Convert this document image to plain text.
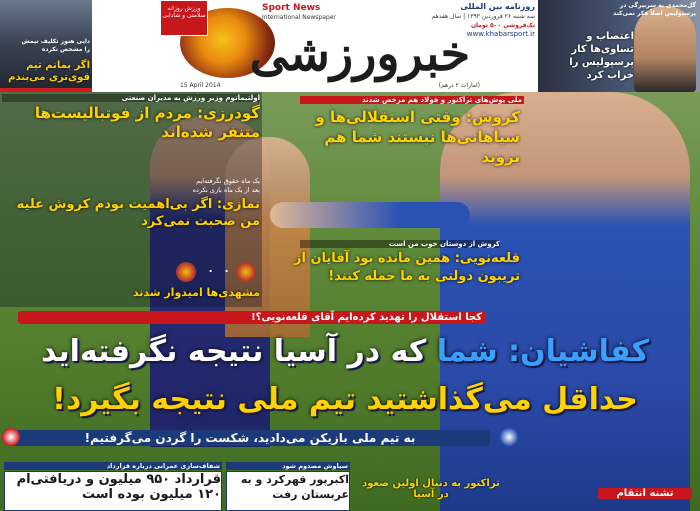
دایی هنوز تکلیف تیمش را مشخص نکرده
اگر بمانم تیم قوی‌تری می‌بندم
ورزش روزانه سلامتی و شادابی
خبرورزشی
Sport News
International Newspaper
روزنامه بین المللی
سه شنبه ۲۶ فروردین ۱۳۹۳ | سال هفدهم
تک‌فروشی ۵۰۰ تومان
www.khabarsport.ir
(امارات ۲ درهم)
15 April 2014
گل‌محمدی به سربیرگی در پرسپولیس اصلاً فکر نمی‌کند
اعتصاب و تساوی‌ها کار پرسپولیس را خراب کرد
اولتیماتوم وزیر ورزش به مدیران صنعتی
گودرزی: مردم از فوتبالیست‌ها متنفر شده‌اند
یک ماه حقوق نگرفته‌ایم
بعد از یک ماه بازی نکرده
نمازی: اگر بی‌اهمیت بودم کروش علیه من صحبت نمی‌کرد
۰
۰
مشهدی‌ها امیدوار شدند
ملی پوش‌های تراکتور و فولاد هم مرخص شدند
کروش: وقتی استقلالی‌ها و سپاهانی‌ها نیستند شما هم بروید
کروش از دوستان خوب من است
قلعه‌نویی: همین مانده بود آقایان از تریبون دولتی به ما حمله کنند!
کجا استقلال را تهدید کرده‌ایم آقای قلعه‌نویی؟!
کفاشیان: شما که در آسیا نتیجه نگرفته‌اید
حداقل می‌گذاشتید تیم ملی نتیجه بگیرد!
به تیم ملی بازیکن می‌دادید، شکست را گردن می‌گرفتیم!
شفاف‌سازی عمرانی درباره قرارداد
قرارداد ۹۵۰ میلیون و دریافتی‌ام ۱۲۰ میلیون بوده است
سیاوش مصدوم شود
اکبرپور قهرکرد و به عربستان رفت
تراکتور به دنبال اولین صعود در آسیا	تشنه انتقام
